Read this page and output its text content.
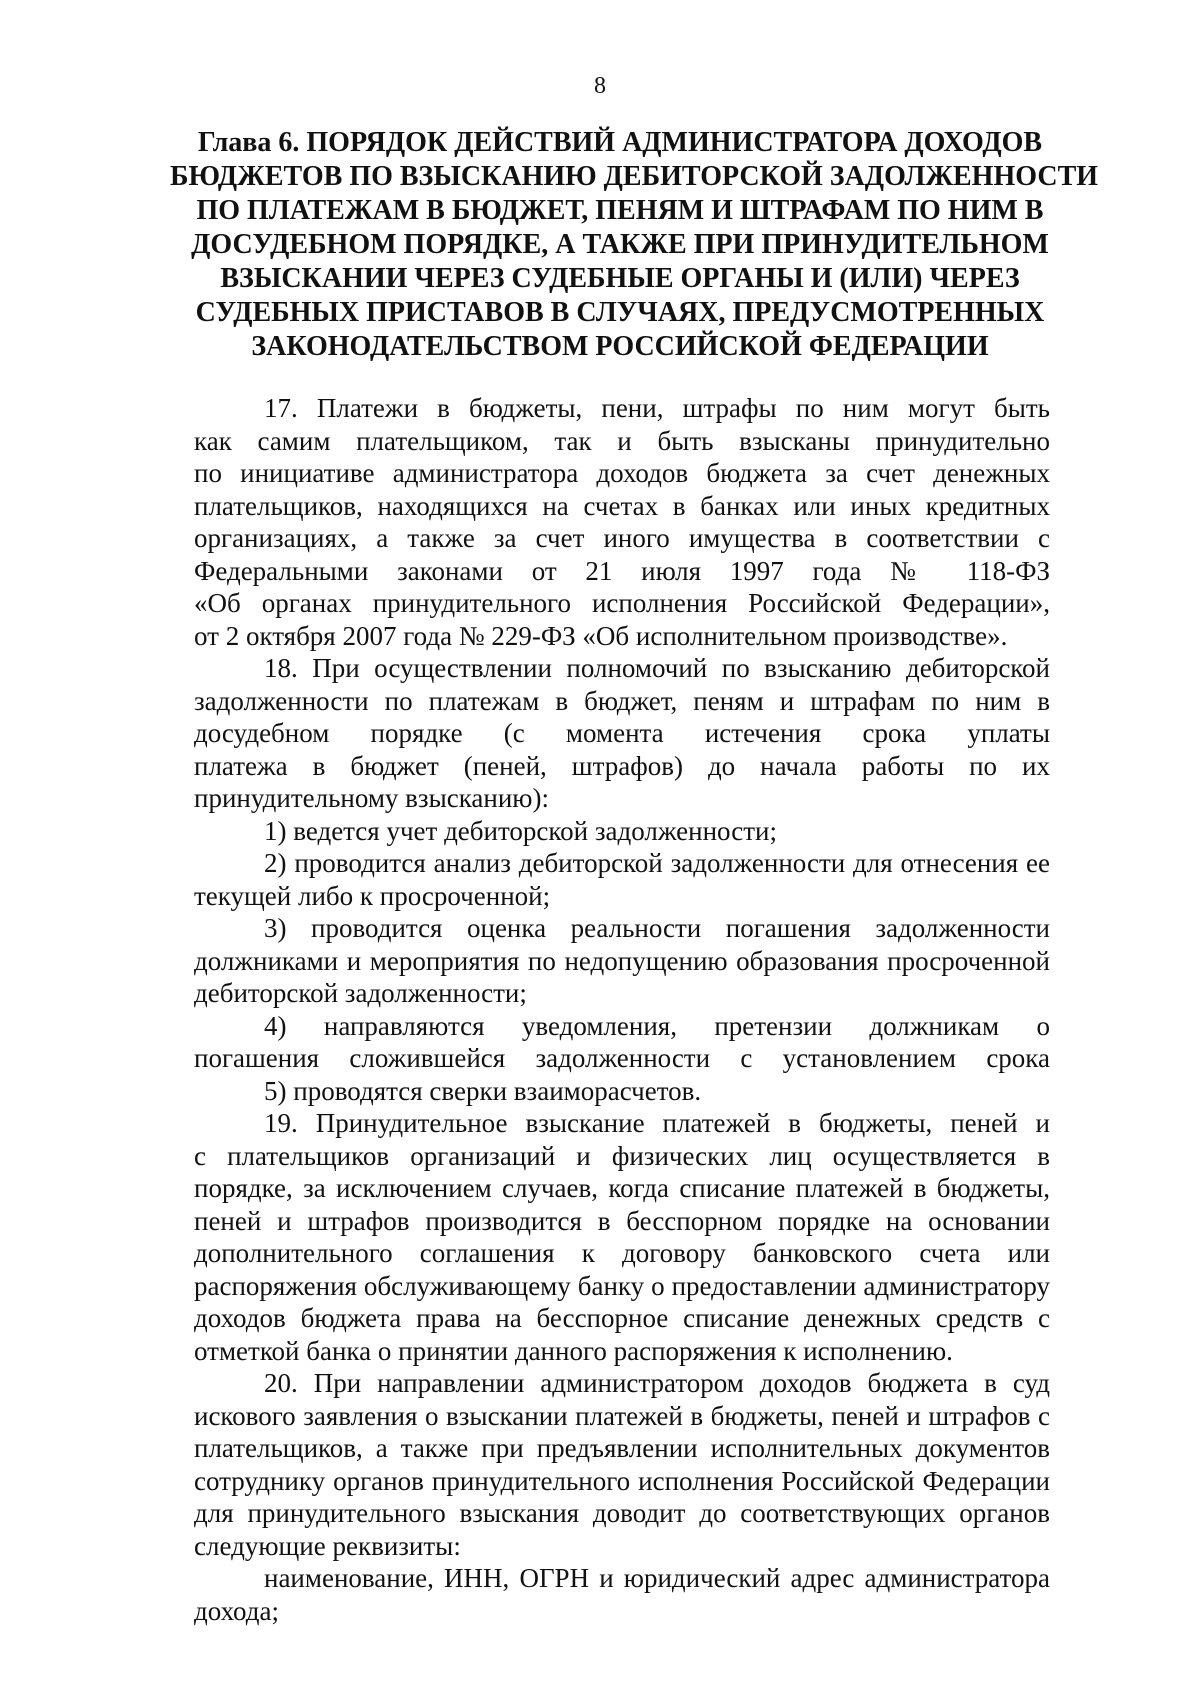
8
Глава 6. ПОРЯДОК ДЕЙСТВИЙ АДМИНИСТРАТОРА ДОХОДОВ
БЮДЖЕТОВ ПО ВЗЫСКАНИЮ ДЕБИТОРСКОЙ ЗАДОЛЖЕННОСТИ
ПО ПЛАТЕЖАМ В БЮДЖЕТ, ПЕНЯМ И ШТРАФАМ ПО НИМ В
ДОСУДЕБНОМ ПОРЯДКЕ, А ТАКЖЕ ПРИ ПРИНУДИТЕЛЬНОМ
ВЗЫСКАНИИ ЧЕРЕЗ СУДЕБНЫЕ ОРГАНЫ И (ИЛИ) ЧЕРЕЗ
СУДЕБНЫХ ПРИСТАВОВ В СЛУЧАЯХ, ПРЕДУСМОТРЕННЫХ
ЗАКОНОДАТЕЛЬСТВОМ РОССИЙСКОЙ ФЕДЕРАЦИИ
17. Платежи в бюджеты, пени, штрафы по ним могут быть
как самим плательщиком, так и быть взысканы принудительно
по инициативе администратора доходов бюджета за счет денежных
плательщиков, находящихся на счетах в банках или иных кредитных
организациях, а также за счет иного имущества в соответствии с
Федеральными законами от 21 июля 1997 года № 118-ФЗ
«Об органах принудительного исполнения Российской Федерации»,
от 2 октября 2007 года № 229-ФЗ «Об исполнительном производстве».
18. При осуществлении полномочий по взысканию дебиторской
задолженности по платежам в бюджет, пеням и штрафам по ним в
досудебном порядке (с момента истечения срока уплаты
платежа в бюджет (пеней, штрафов) до начала работы по их
принудительному взысканию):
1) ведется учет дебиторской задолженности;
2) проводится анализ дебиторской задолженности для отнесения ее
текущей либо к просроченной;
3) проводится оценка реальности погашения задолженности
должниками и мероприятия по недопущению образования просроченной
дебиторской задолженности;
4) направляются уведомления, претензии должникам о
погашения сложившейся задолженности с установлением срока
5) проводятся сверки взаиморасчетов.
19. Принудительное взыскание платежей в бюджеты, пеней и
с плательщиков организаций и физических лиц осуществляется в
порядке, за исключением случаев, когда списание платежей в бюджеты,
пеней и штрафов производится в бесспорном порядке на основании
дополнительного соглашения к договору банковского счета или
распоряжения обслуживающему банку о предоставлении администратору
доходов бюджета права на бесспорное списание денежных средств с
отметкой банка о принятии данного распоряжения к исполнению.
20. При направлении администратором доходов бюджета в суд
искового заявления о взыскании платежей в бюджеты, пеней и штрафов с
плательщиков, а также при предъявлении исполнительных документов
сотруднику органов принудительного исполнения Российской Федерации
для принудительного взыскания доводит до соответствующих органов
следующие реквизиты:
наименование, ИНН, ОГРН и юридический адрес администратора
дохода;
